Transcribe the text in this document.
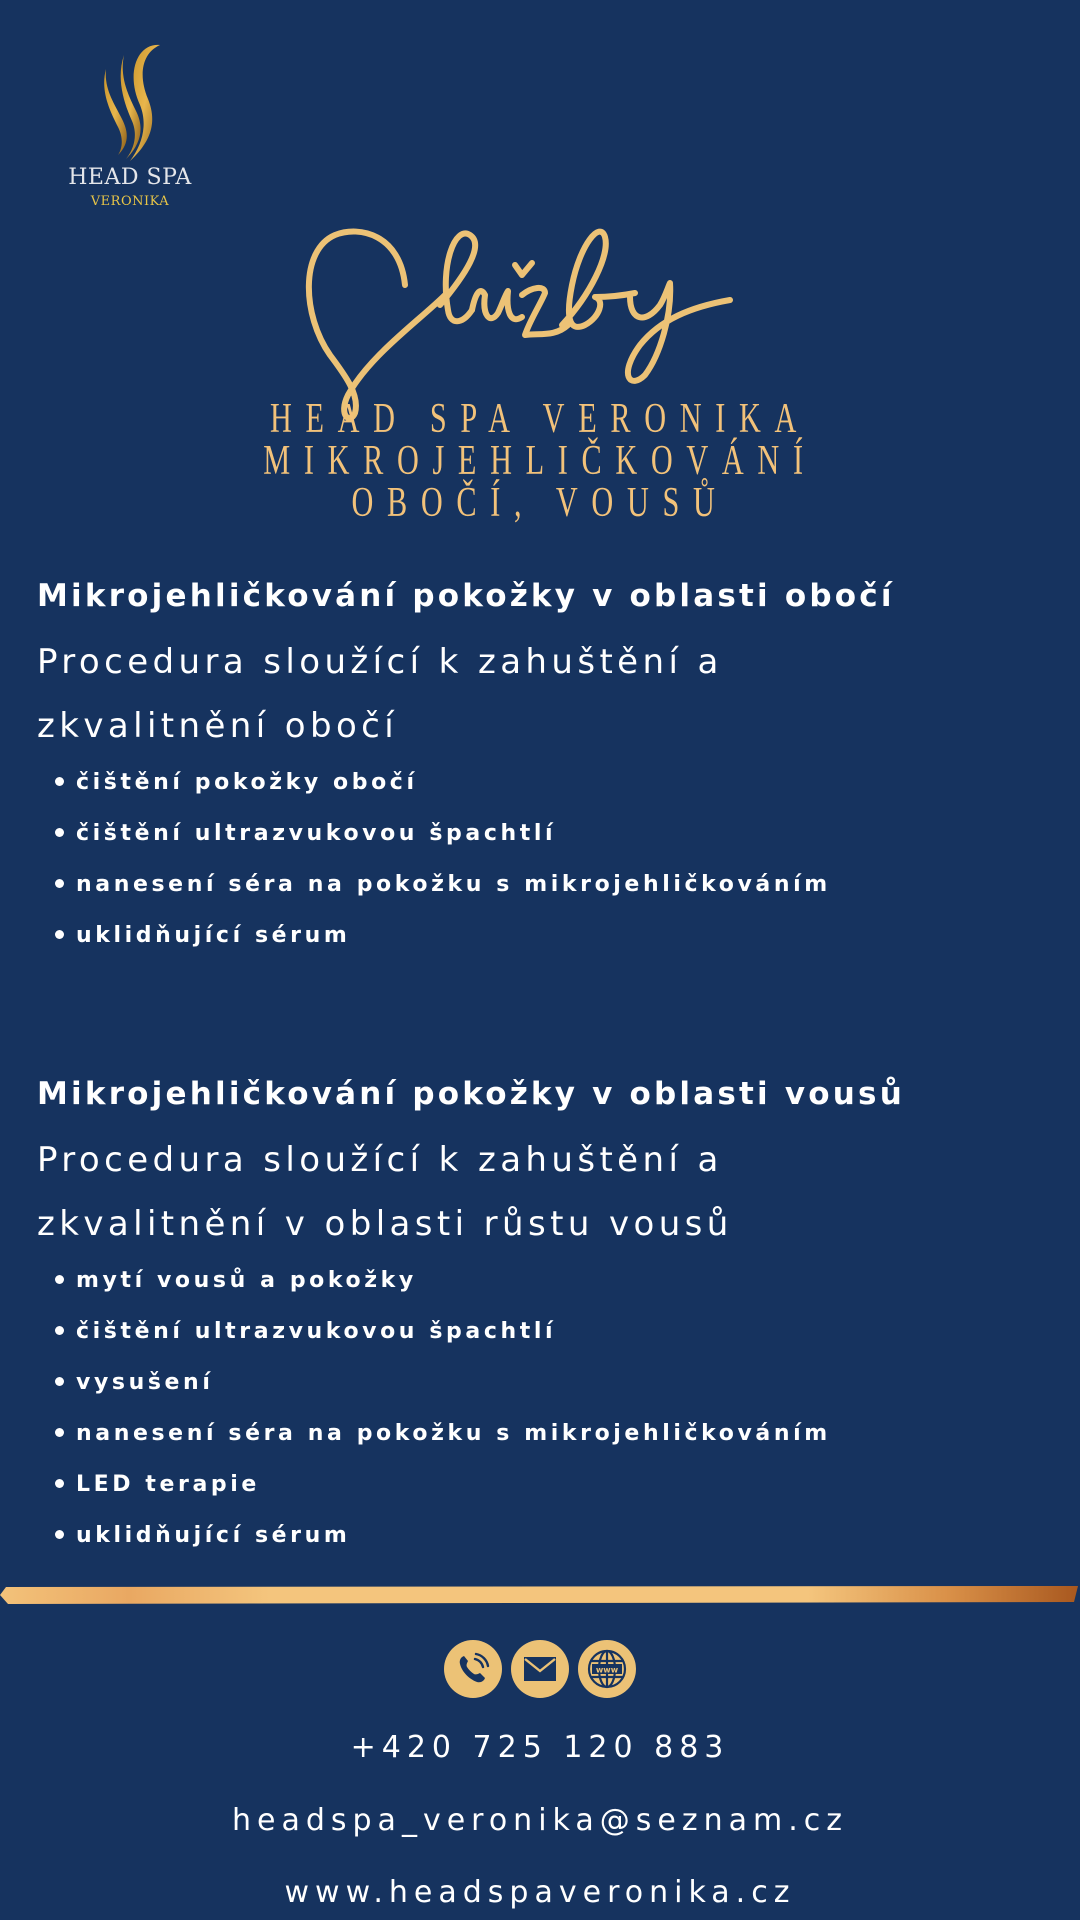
HEAD SPA
VERONIKA
HEAD SPA VERONIKA
MIKROJEHLIČKOVÁNÍ
OBOČÍ, VOUSŮ
Mikrojehličkování pokožky v oblasti obočí
Procedura sloužící k zahuštění a
zkvalitnění obočí
čištění pokožky obočí
čištění ultrazvukovou špachtlí
nanesení séra na pokožku s mikrojehličkováním
uklidňující sérum
Mikrojehličkování pokožky v oblasti vousů
Procedura sloužící k zahuštění a
zkvalitnění v oblasti růstu vousů
mytí vousů a pokožky
čištění ultrazvukovou špachtlí
vysušení
nanesení séra na pokožku s mikrojehličkováním
LED terapie
uklidňující sérum
www
+420 725 120 883
headspa_veronika@seznam.cz
www.headspaveronika.cz
